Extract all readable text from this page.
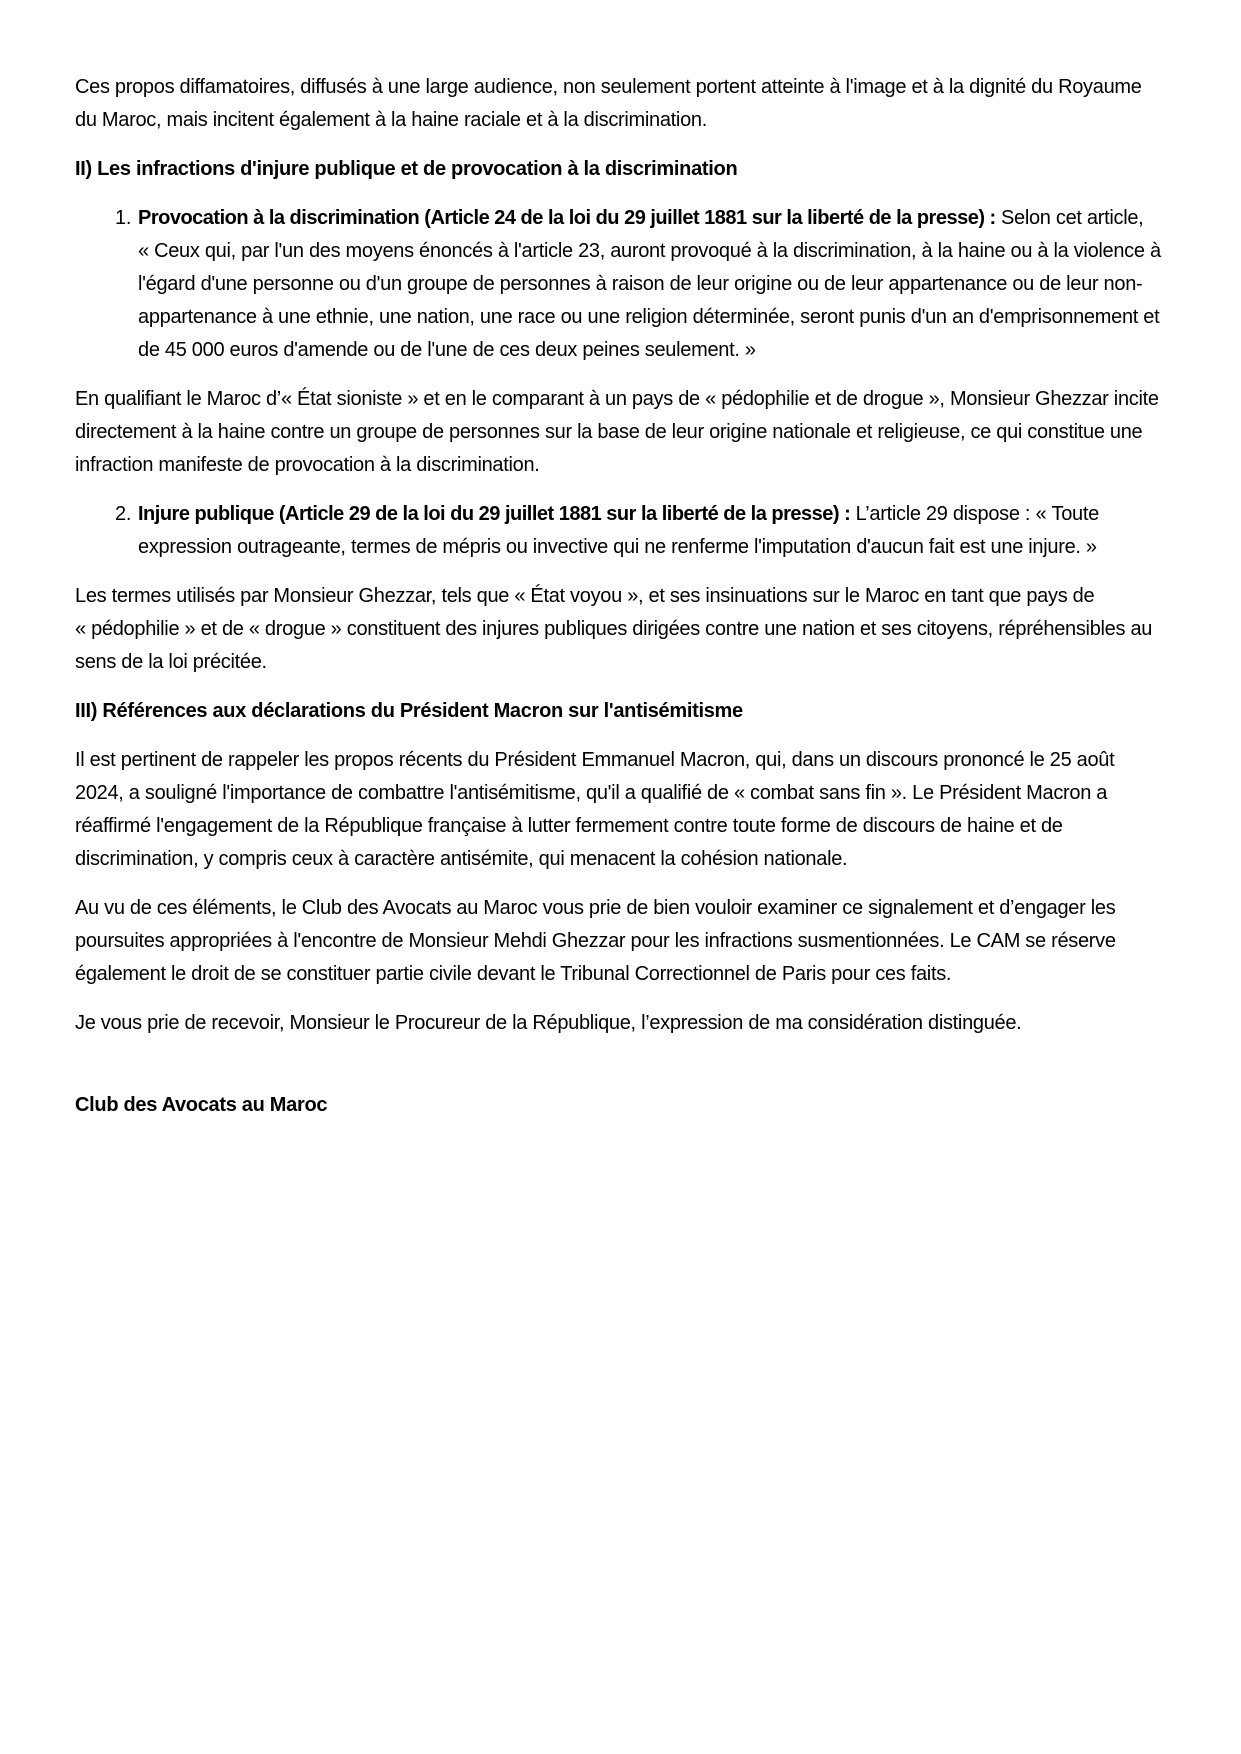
Ces propos diffamatoires, diffusés à une large audience, non seulement portent atteinte à l'image et à la dignité du Royaume du Maroc, mais incitent également à la haine raciale et à la discrimination.

II) Les infractions d'injure publique et de provocation à la discrimination

1. Provocation à la discrimination (Article 24 de la loi du 29 juillet 1881 sur la liberté de la presse) : Selon cet article, « Ceux qui, par l'un des moyens énoncés à l'article 23, auront provoqué à la discrimination, à la haine ou à la violence à l'égard d'une personne ou d'un groupe de personnes à raison de leur origine ou de leur appartenance ou de leur non-appartenance à une ethnie, une nation, une race ou une religion déterminée, seront punis d'un an d'emprisonnement et de 45 000 euros d'amende ou de l'une de ces deux peines seulement. »

En qualifiant le Maroc d’« État sioniste » et en le comparant à un pays de « pédophilie et de drogue », Monsieur Ghezzar incite directement à la haine contre un groupe de personnes sur la base de leur origine nationale et religieuse, ce qui constitue une infraction manifeste de provocation à la discrimination.

2. Injure publique (Article 29 de la loi du 29 juillet 1881 sur la liberté de la presse) : L’article 29 dispose : « Toute expression outrageante, termes de mépris ou invective qui ne renferme l'imputation d'aucun fait est une injure. »

Les termes utilisés par Monsieur Ghezzar, tels que « État voyou », et ses insinuations sur le Maroc en tant que pays de « pédophilie » et de « drogue » constituent des injures publiques dirigées contre une nation et ses citoyens, répréhensibles au sens de la loi précitée.

III) Références aux déclarations du Président Macron sur l'antisémitisme

Il est pertinent de rappeler les propos récents du Président Emmanuel Macron, qui, dans un discours prononcé le 25 août 2024, a souligné l'importance de combattre l'antisémitisme, qu'il a qualifié de « combat sans fin ». Le Président Macron a réaffirmé l'engagement de la République française à lutter fermement contre toute forme de discours de haine et de discrimination, y compris ceux à caractère antisémite, qui menacent la cohésion nationale.

Au vu de ces éléments, le Club des Avocats au Maroc vous prie de bien vouloir examiner ce signalement et d’engager les poursuites appropriées à l'encontre de Monsieur Mehdi Ghezzar pour les infractions susmentionnées. Le CAM se réserve également le droit de se constituer partie civile devant le Tribunal Correctionnel de Paris pour ces faits.

Je vous prie de recevoir, Monsieur le Procureur de la République, l’expression de ma considération distinguée.

Club des Avocats au Maroc
